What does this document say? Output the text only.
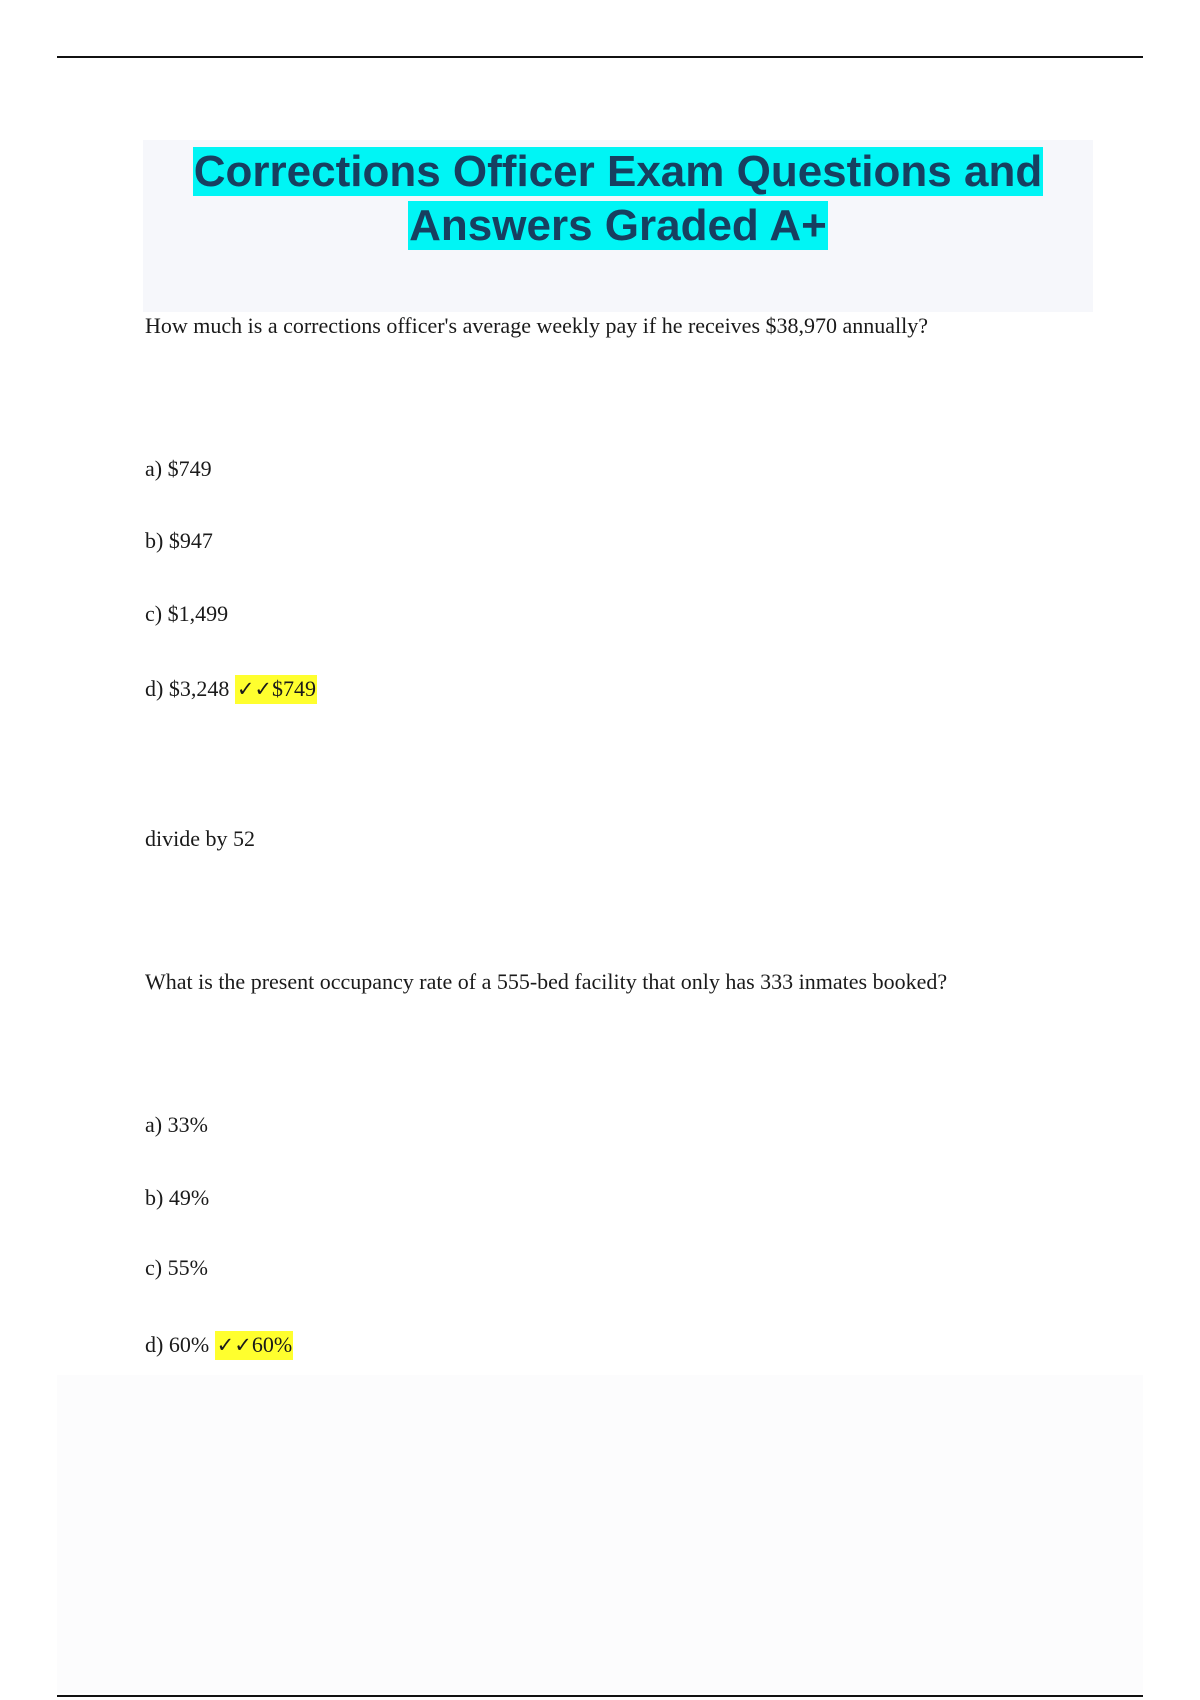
Corrections Officer Exam Questions and
Answers Graded A+
How much is a corrections officer's average weekly pay if he receives $38,970 annually?
a) $749
b) $947
c) $1,499
d) $3,248 ✓✓$749
divide by 52
What is the present occupancy rate of a 555-bed facility that only has 333 inmates booked?
a) 33%
b) 49%
c) 55%
d) 60% ✓✓60%
